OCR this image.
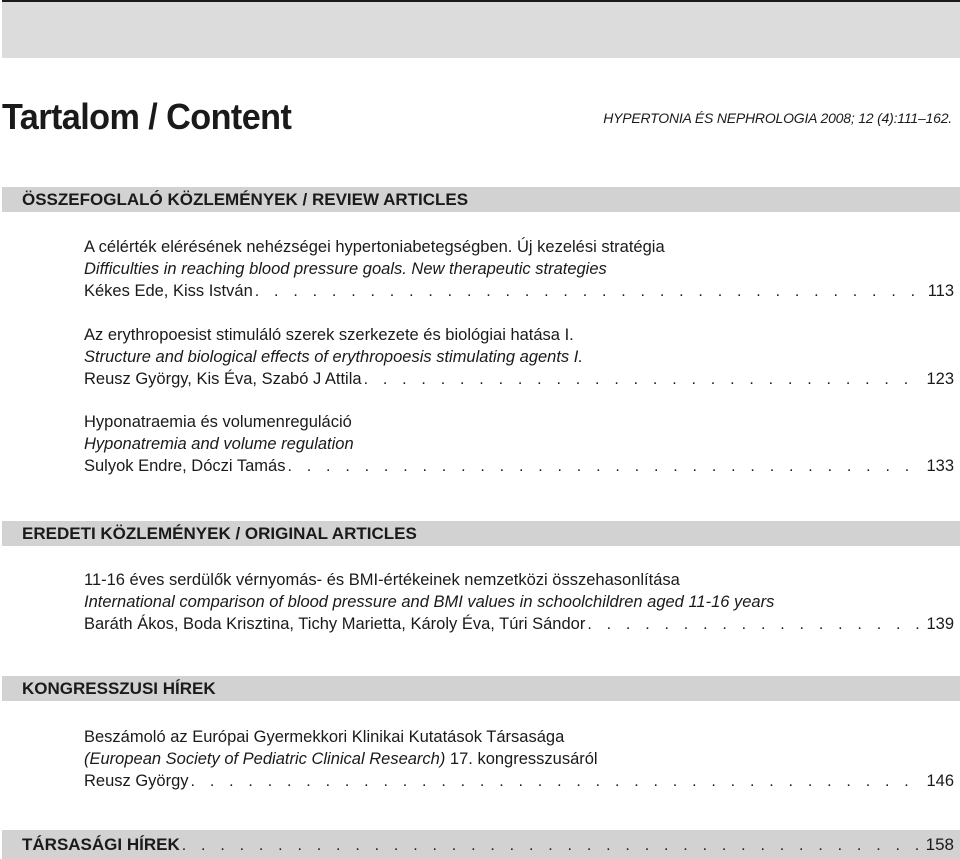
Tartalom / Content	HYPERTONIA ÉS NEPHROLOGIA 2008; 12 (4):111–162.
ÖSSZEFOGLALÓ KÖZLEMÉNYEK / REVIEW ARTICLES
A célérték elérésének nehézségei hypertoniabetegségben. Új kezelési stratégia
Difficulties in reaching blood pressure goals. New therapeutic strategies
Kékes Ede, Kiss István . . .	113
Az erythropoesist stimuláló szerek szerkezete és biológiai hatása I.
Structure and biological effects of erythropoesis stimulating agents I.
Reusz György, Kis Éva, Szabó J Attila . . .	123
Hyponatraemia és volumenreguláció
Hyponatremia and volume regulation
Sulyok Endre, Dóczi Tamás . . .	133
EREDETI KÖZLEMÉNYEK / ORIGINAL ARTICLES
11-16 éves serdülők vérnyomás- és BMI-értékeinek nemzetközi összehasonlítása
International comparison of blood pressure and BMI values in schoolchildren aged 11-16 years
Baráth Ákos, Boda Krisztina, Tichy Marietta, Károly Éva, Túri Sándor . . .	139
KONGRESSZUSI HÍREK
Beszámoló az Európai Gyermekkori Klinikai Kutatások Társasága
(European Society of Pediatric Clinical Research) 17. kongresszusáról
Reusz György . . .	146
TÁRSASÁGI HÍREK . . .	158
